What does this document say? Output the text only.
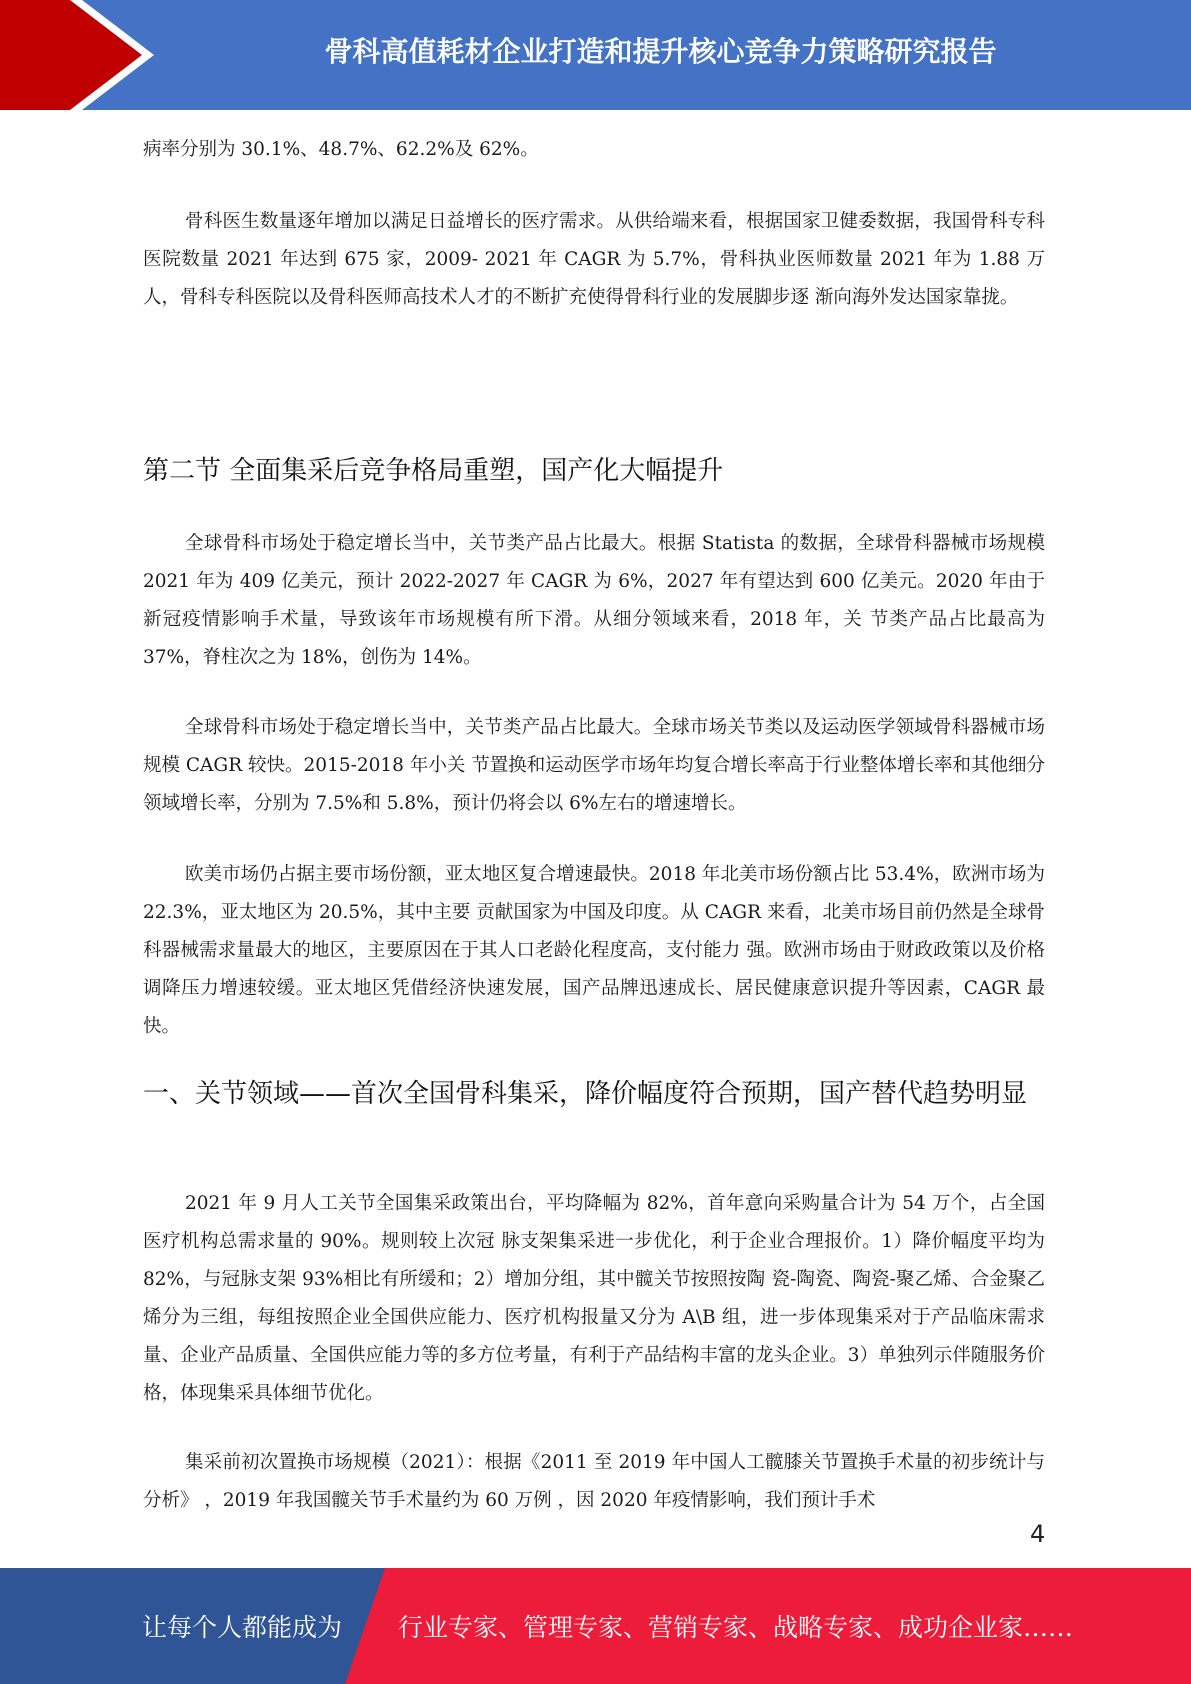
骨科高值耗材企业打造和提升核心竞争力策略研究报告

病率分别为 30.1%、48.7%、62.2%及 62%。

骨科医生数量逐年增加以满足日益增长的医疗需求。从供给端来看，根据国家卫健委数据，我国骨科专科医院数量 2021 年达到 675 家，2009- 2021 年 CAGR 为 5.7%，骨科执业医师数量 2021 年为 1.88 万人，骨科专科医院以及骨科医师高技术人才的不断扩充使得骨科行业的发展脚步逐 渐向海外发达国家靠拢。

第二节 全面集采后竞争格局重塑，国产化大幅提升

全球骨科市场处于稳定增长当中，关节类产品占比最大。根据 Statista 的数据，全球骨科器械市场规模 2021 年为 409 亿美元，预计 2022-2027 年 CAGR 为 6%，2027 年有望达到 600 亿美元。2020 年由于新冠疫情影响手术量，导致该年市场规模有所下滑。从细分领域来看，2018 年，关 节类产品占比最高为 37%，脊柱次之为 18%，创伤为 14%。

全球骨科市场处于稳定增长当中，关节类产品占比最大。全球市场关节类以及运动医学领域骨科器械市场规模 CAGR 较快。2015-2018 年小关 节置换和运动医学市场年均复合增长率高于行业整体增长率和其他细分领域增长率，分别为 7.5%和 5.8%，预计仍将会以 6%左右的增速增长。

欧美市场仍占据主要市场份额，亚太地区复合增速最快。2018 年北美市场份额占比 53.4%，欧洲市场为 22.3%，亚太地区为 20.5%，其中主要 贡献国家为中国及印度。从 CAGR 来看，北美市场目前仍然是全球骨科器械需求量最大的地区，主要原因在于其人口老龄化程度高，支付能力 强。欧洲市场由于财政政策以及价格调降压力增速较缓。亚太地区凭借经济快速发展，国产品牌迅速成长、居民健康意识提升等因素，CAGR 最快。

一、关节领域——首次全国骨科集采，降价幅度符合预期，国产替代趋势明显

2021 年 9 月人工关节全国集采政策出台，平均降幅为 82%，首年意向采购量合计为 54 万个，占全国医疗机构总需求量的 90%。规则较上次冠 脉支架集采进一步优化，利于企业合理报价。1）降价幅度平均为 82%，与冠脉支架 93%相比有所缓和；2）增加分组，其中髋关节按照按陶 瓷-陶瓷、陶瓷-聚乙烯、合金聚乙烯分为三组，每组按照企业全国供应能力、医疗机构报量又分为 A\B 组，进一步体现集采对于产品临床需求 量、企业产品质量、全国供应能力等的多方位考量，有利于产品结构丰富的龙头企业。3）单独列示伴随服务价格，体现集采具体细节优化。

集采前初次置换市场规模（2021）：根据《2011 至 2019 年中国人工髋膝关节置换手术量的初步统计与分析》 ，2019 年我国髋关节手术量约为 60 万例 ，因 2020 年疫情影响，我们预计手术

4
让每个人都能成为 行业专家、管理专家、营销专家、战略专家、成功企业家……
